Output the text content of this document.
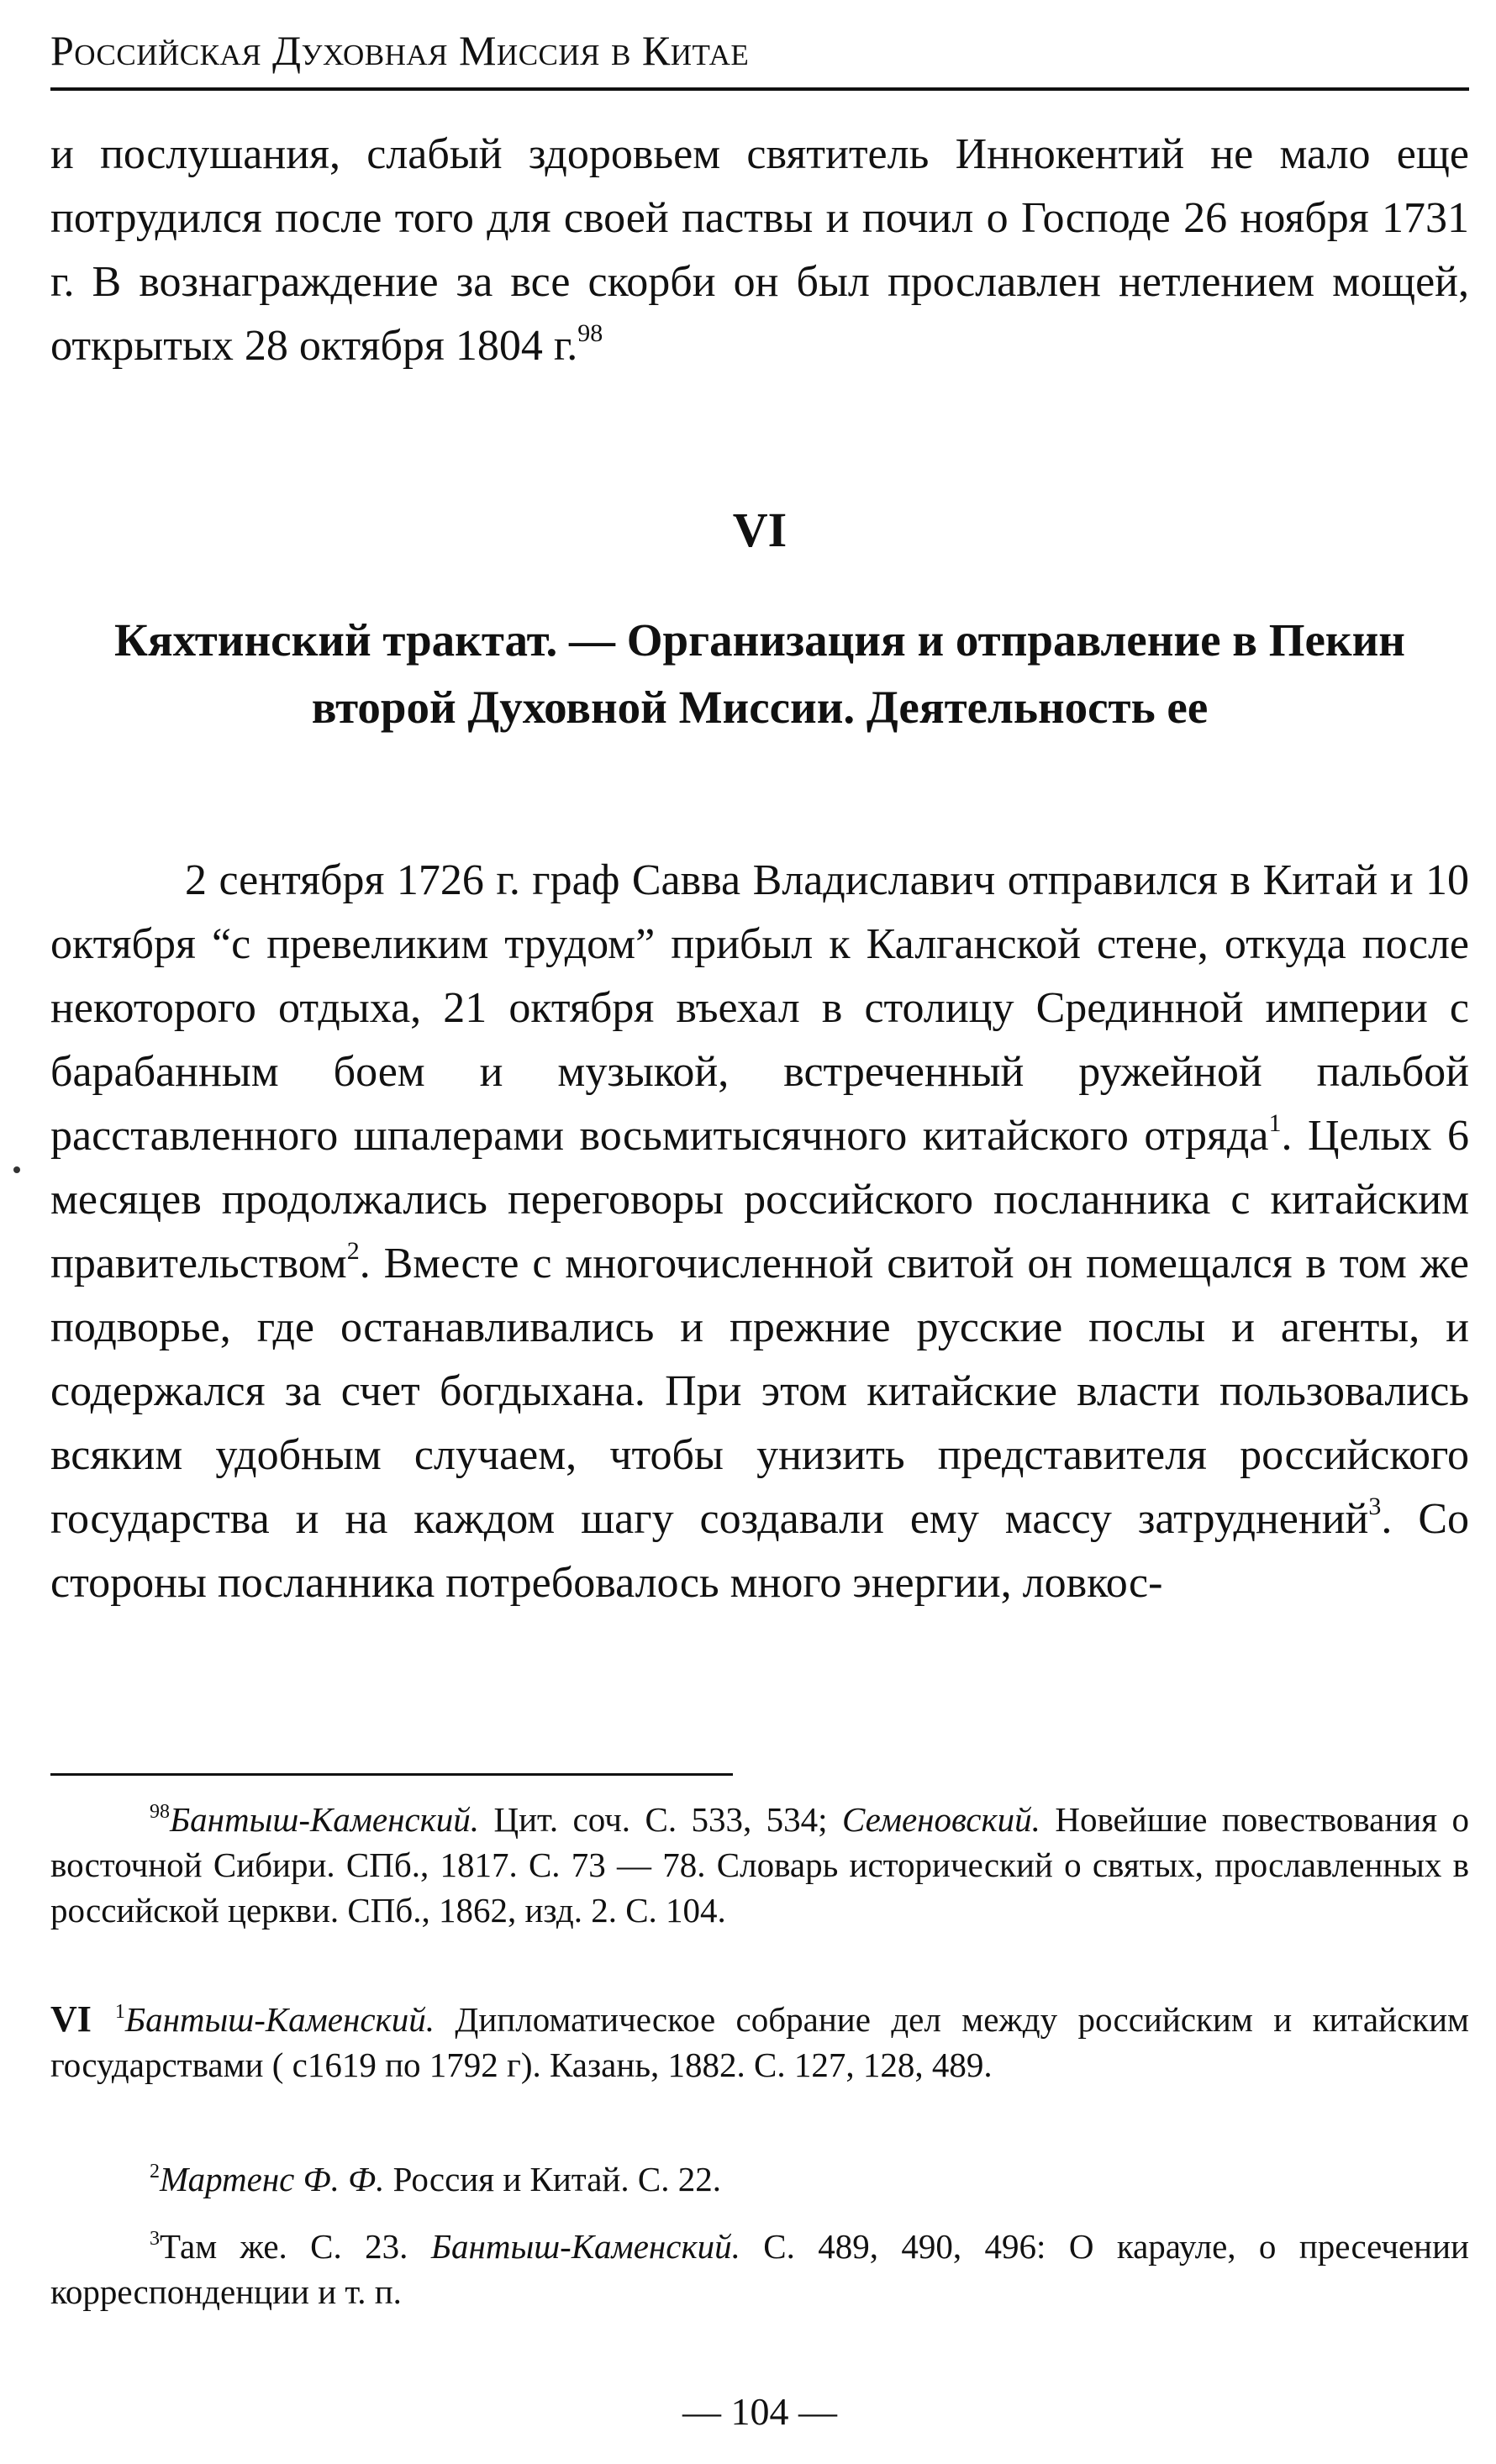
Российская Духовная Миссия в Китае
и послушания, слабый здоровьем святитель Иннокентий не мало еще потрудился после того для своей паствы и почил о Господе 26 ноября 1731 г. В вознаграждение за все скорби он был прославлен нетлением мощей, открытых 28 октября 1804 г.$^{98}$
VI
Кяхтинский трактат. — Организация и отправление в Пекин второй Духовной Миссии. Деятельность ее
2 сентября 1726 г. граф Савва Владиславич отправился в Китай и 10 октября “с превеликим трудом” прибыл к Калганской стене, откуда после некоторого отдыха, 21 октября въехал в столицу Срединной империи с барабанным боем и музыкой, встреченный ружейной пальбой расставленного шпалерами восьмитысячного китайского отряда$^1$. Целых 6 месяцев продолжались переговоры российского посланника с китайским правительством$^2$. Вместе с многочисленной свитой он помещался в том же подворье, где останавливались и прежние русские послы и агенты, и содержался за счет богдыхана. При этом китайские власти пользовались всяким удобным случаем, чтобы унизить представителя российского государства и на каждом шагу создавали ему массу затруднений$^3$. Со стороны посланника потребовалось много энергии, ловкос-
$^{98}$Бантыш-Каменский. Цит. соч. С. 533, 534; Семеновский. Новейшие повествования о восточной Сибири. СПб., 1817. С. 73 — 78. Словарь исторический о святых, прославленных в российской церкви. СПб., 1862, изд. 2. С. 104.
VI $^1$Бантыш-Каменский. Дипломатическое собрание дел между российским и китайским государствами ( с1619 по 1792 г). Казань, 1882. С. 127, 128, 489.
$^2$Мартенс Ф. Ф. Россия и Китай. С. 22.
$^3$Там же. С. 23. Бантыш-Каменский. С. 489, 490, 496: О карауле, о пресечении корреспонденции и т. п.
— 104 —
